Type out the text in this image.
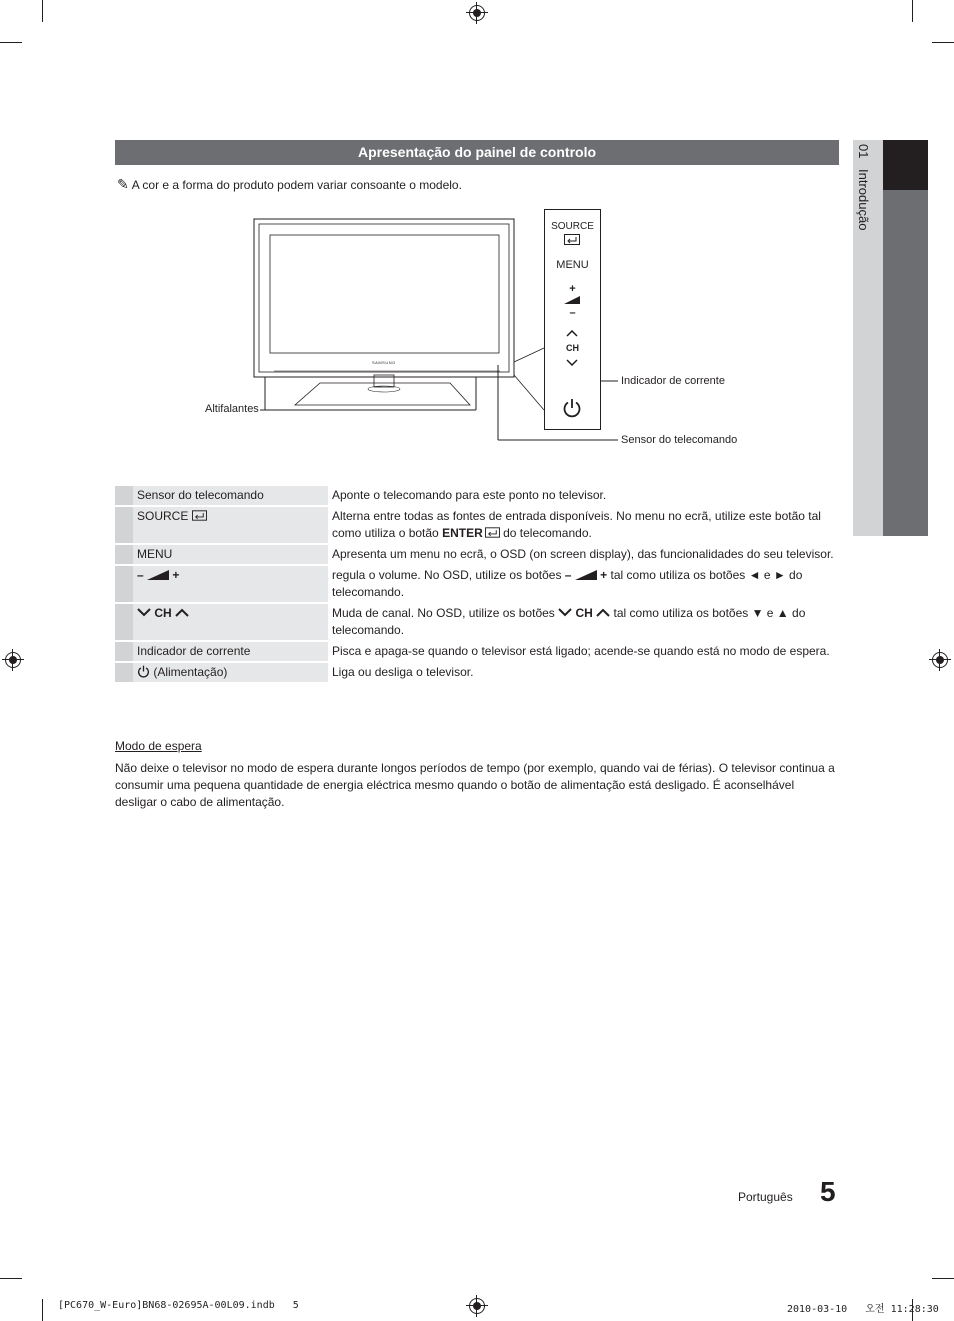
Apresentação do painel de controlo
✎ A cor e a forma do produto podem variar consoante o modelo.
01   Introdução
SAMSUNG
SOURCE
MENU
+
–
CH
Indicador de corrente
Sensor do telecomando
Altifalantes
	Sensor do telecomando	Aponte o telecomando para este ponto no televisor.
	SOURCE	Alterna entre todas as fontes de entrada disponíveis. No menu no ecrã, utilize este botão tal como utiliza o botão ENTER do telecomando.
	MENU	Apresenta um menu no ecrã, o OSD (on screen display), das funcionalidades do seu televisor.
	– +	regula o volume. No OSD, utilize os botões – + tal como utiliza os botões ◄ e ► do telecomando.
	CH	Muda de canal. No OSD, utilize os botões CH tal como utiliza os botões ▼ e ▲ do telecomando.
	Indicador de corrente	Pisca e apaga-se quando o televisor está ligado; acende-se quando está no modo de espera.
	(Alimentação)	Liga ou desliga o televisor.
Modo de espera
Não deixe o televisor no modo de espera durante longos períodos de tempo (por exemplo, quando vai de férias). O televisor continua a consumir uma pequena quantidade de energia eléctrica mesmo quando o botão de alimentação está desligado. É aconselhável desligar o cabo de alimentação.
Português 5
[PC670_W-Euro]BN68-02695A-00L09.indb   5	2010-03-10   오전 11:28:30
